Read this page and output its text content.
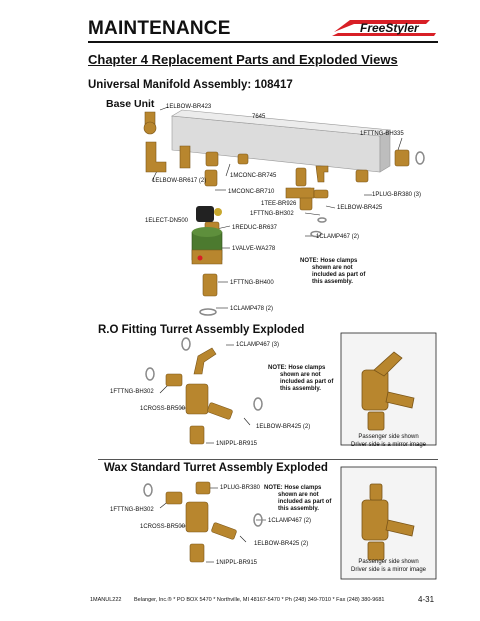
MAINTENANCE	FreeStyler
Chapter 4 Replacement Parts and Exploded Views
Universal Manifold Assembly: 108417
Base Unit 1ELBOW-BR423
7645
1FTTNG-BH335
1ELBOW-BR617 (2)
1MCONC-BR745
1MCONC-BR710	1PLUG-BR380 (3)
1TEE-BR926
1FTTNG-BH302
1ELBOW-BR425
1ELECT-DN500
1REDUC-BR637
1CLAMP467 (2)
1VALVE-WA278
1FTTNG-BH400
1CLAMP478 (2)
NOTE: Hose clamps
shown are not
included as part of
this assembly.
R.O Fitting Turret Assembly Exploded
1CLAMP467 (3)
1FTTNG-BH302
1CROSS-BR500
1ELBOW-BR425 (2)
1NIPPL-BR915
NOTE: Hose clamps
shown are not
included as part of
this assembly.
Passenger side shown
Driver side is a mirror image
Wax Standard Turret Assembly Exploded
1PLUG-BR380
1FTTNG-BH302
1CLAMP467 (2)
1CROSS-BR500
1ELBOW-BR425 (2)
1NIPPL-BR915
NOTE: Hose clamps
shown are not
included as part of
this assembly.
Passenger side shown
Driver side is a mirror image
1MANUL222 Belanger, Inc.® * PO BOX 5470 * Northville, MI 48167-5470 * Ph (248) 349-7010 * Fax (248) 380-9681	4-31
